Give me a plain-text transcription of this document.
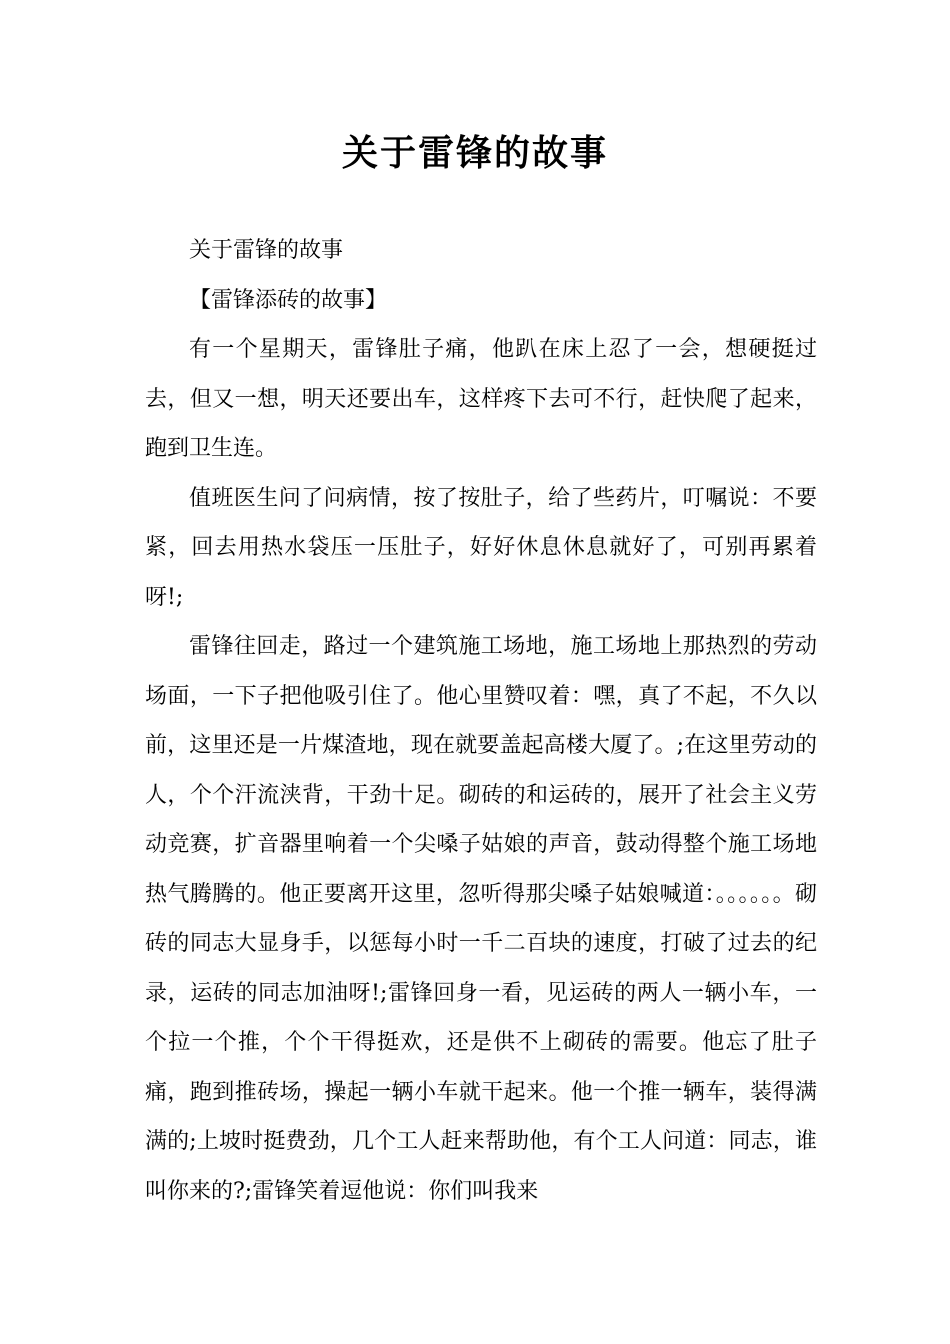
关于雷锋的故事

关于雷锋的故事

【雷锋添砖的故事】

有一个星期天，雷锋肚子痛，他趴在床上忍了一会，想硬挺过去，但又一想，明天还要出车，这样疼下去可不行，赶快爬了起来，跑到卫生连。

值班医生问了问病情，按了按肚子，给了些药片，叮嘱说：不要紧，回去用热水袋压一压肚子，好好休息休息就好了，可别再累着呀!;

雷锋往回走，路过一个建筑施工场地，施工场地上那热烈的劳动场面，一下子把他吸引住了。他心里赞叹着：嘿，真了不起，不久以前，这里还是一片煤渣地，现在就要盖起高楼大厦了。;在这里劳动的人，个个汗流浃背，干劲十足。砌砖的和运砖的，展开了社会主义劳动竞赛，扩音器里响着一个尖嗓子姑娘的声音，鼓动得整个施工场地热气腾腾的。他正要离开这里，忽听得那尖嗓子姑娘喊道：。。。。。。砌砖的同志大显身手，以惩每小时一千二百块的速度，打破了过去的纪录，运砖的同志加油呀!;雷锋回身一看，见运砖的两人一辆小车，一个拉一个推，个个干得挺欢，还是供不上砌砖的需要。他忘了肚子痛，跑到推砖场，操起一辆小车就干起来。他一个推一辆车，装得满满的;上坡时挺费劲，几个工人赶来帮助他，有个工人问道：同志，谁叫你来的?;雷锋笑着逗他说：你们叫我来
